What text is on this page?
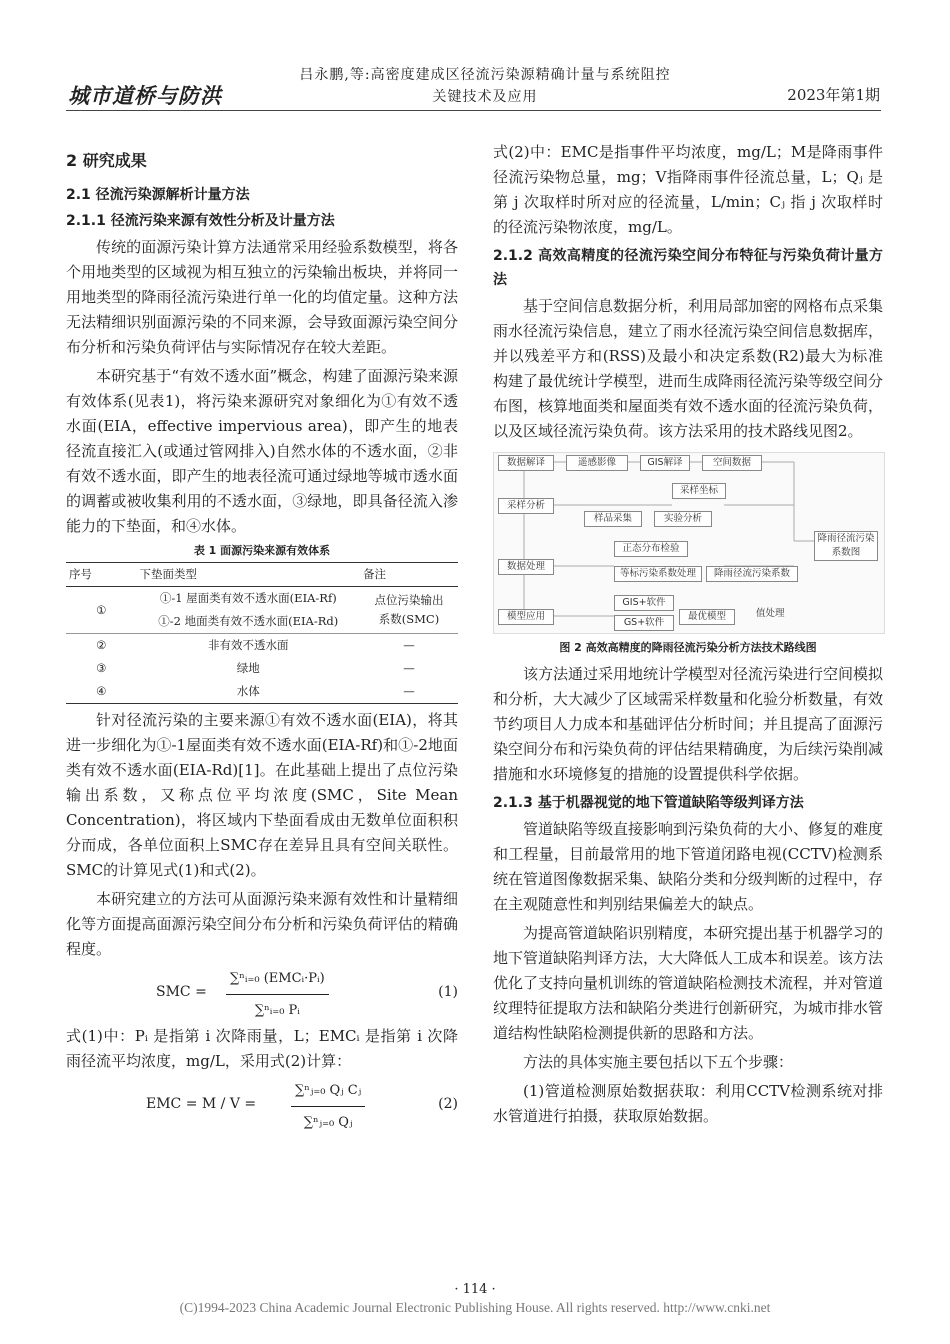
城市道桥与防洪
吕永鹏,等:高密度建成区径流污染源精确计量与系统阻控
关键技术及应用	2023年第1期
2 研究成果
2.1 径流污染源解析计量方法
2.1.1 径流污染来源有效性分析及计量方法

传统的面源污染计算方法通常采用经验系数模型，将各个用地类型的区域视为相互独立的污染输出板块，并将同一用地类型的降雨径流污染进行单一化的均值定量。这种方法无法精细识别面源污染的不同来源，会导致面源污染空间分布分析和污染负荷评估与实际情况存在较大差距。

本研究基于“有效不透水面”概念，构建了面源污染来源有效体系(见表1)，将污染来源研究对象细化为①有效不透水面(EIA，effective impervious area)，即产生的地表径流直接汇入(或通过管网排入)自然水体的不透水面，②非有效不透水面，即产生的地表径流可通过绿地等城市透水面的调蓄或被收集利用的不透水面，③绿地，即具备径流入渗能力的下垫面，和④水体。

表 1 面源污染来源有效体系
序号	下垫面类型	备注
①	①-1 屋面类有效不透水面(EIA-Rf)	点位污染输出
系数(SMC)

	①-2 地面类有效不透水面(EIA-Rd)	
②	非有效不透水面	—
③	绿地	—
④	水体	—

针对径流污染的主要来源①有效不透水面(EIA)，将其进一步细化为①-1屋面类有效不透水面(EIA-Rf)和①-2地面类有效不透水面(EIA-Rd)[1]。在此基础上提出了点位污染输出系数，又称点位平均浓度(SMC，Site Mean Concentration)，将区域内下垫面看成由无数单位面积积分而成，各单位面积上SMC存在差异且具有空间关联性。SMC的计算见式(1)和式(2)。

本研究建立的方法可从面源污染来源有效性和计量精细化等方面提高面源污染空间分布分析和污染负荷评估的精确程度。

SMC =
∑ⁿᵢ₌₀ (EMCᵢ·Pᵢ)
∑ⁿᵢ₌₀ Pᵢ
(1)

式(1)中：Pᵢ 是指第 i 次降雨量，L；EMCᵢ 是指第 i 次降雨径流平均浓度，mg/L，采用式(2)计算：

EMC = M / V =	$\frac{\text{∑ⁿⱼ₌₀ Qⱼ Cⱼ}}{\text{∑ⁿⱼ₌₀ Qⱼ}}$	(2)

式(2)中：EMC是指事件平均浓度，mg/L；M是降雨事件径流污染物总量，mg；V指降雨事件径流总量，L；Qⱼ 是第 j 次取样时所对应的径流量，L/min；Cⱼ 指 j 次取样时的径流污染物浓度，mg/L。

2.1.2 高效高精度的径流污染空间分布特征与污染负荷计量方法

基于空间信息数据分析，利用局部加密的网格布点采集雨水径流污染信息，建立了雨水径流污染空间信息数据库，并以残差平方和(RSS)及最小和决定系数(R2)最大为标准构建了最优统计学模型，进而生成降雨径流污染等级空间分布图，核算地面类和屋面类有效不透水面的径流污染负荷，以及区域径流污染负荷。该方法采用的技术路线见图2。

数据解译	遥感影像	GIS解译	空间数据
采样分析
采样坐标
样品采集	实验分析
数据处理
正态分布检验
等标污染系数处理	降雨径流污染系数
降雨径流污染系数图
模型应用
GIS+软件
GS+软件
最优模型	值处理
图 2 高效高精度的降雨径流污染分析方法技术路线图

该方法通过采用地统计学模型对径流污染进行空间模拟和分析，大大减少了区域需采样数量和化验分析数量，有效节约项目人力成本和基础评估分析时间；并且提高了面源污染空间分布和污染负荷的评估结果精确度，为后续污染削减措施和水环境修复的措施的设置提供科学依据。

2.1.3 基于机器视觉的地下管道缺陷等级判译方法

管道缺陷等级直接影响到污染负荷的大小、修复的难度和工程量，目前最常用的地下管道闭路电视(CCTV)检测系统在管道图像数据采集、缺陷分类和分级判断的过程中，存在主观随意性和判别结果偏差大的缺点。

为提高管道缺陷识别精度，本研究提出基于机器学习的地下管道缺陷判译方法，大大降低人工成本和误差。该方法优化了支持向量机训练的管道缺陷检测技术流程，并对管道纹理特征提取方法和缺陷分类进行创新研究，为城市排水管道结构性缺陷检测提供新的思路和方法。

方法的具体实施主要包括以下五个步骤：

(1)管道检测原始数据获取：利用CCTV检测系统对排水管道进行拍摄，获取原始数据。

· 114 ·
(C)1994-2023 China Academic Journal Electronic Publishing House. All rights reserved. http://www.cnki.net
